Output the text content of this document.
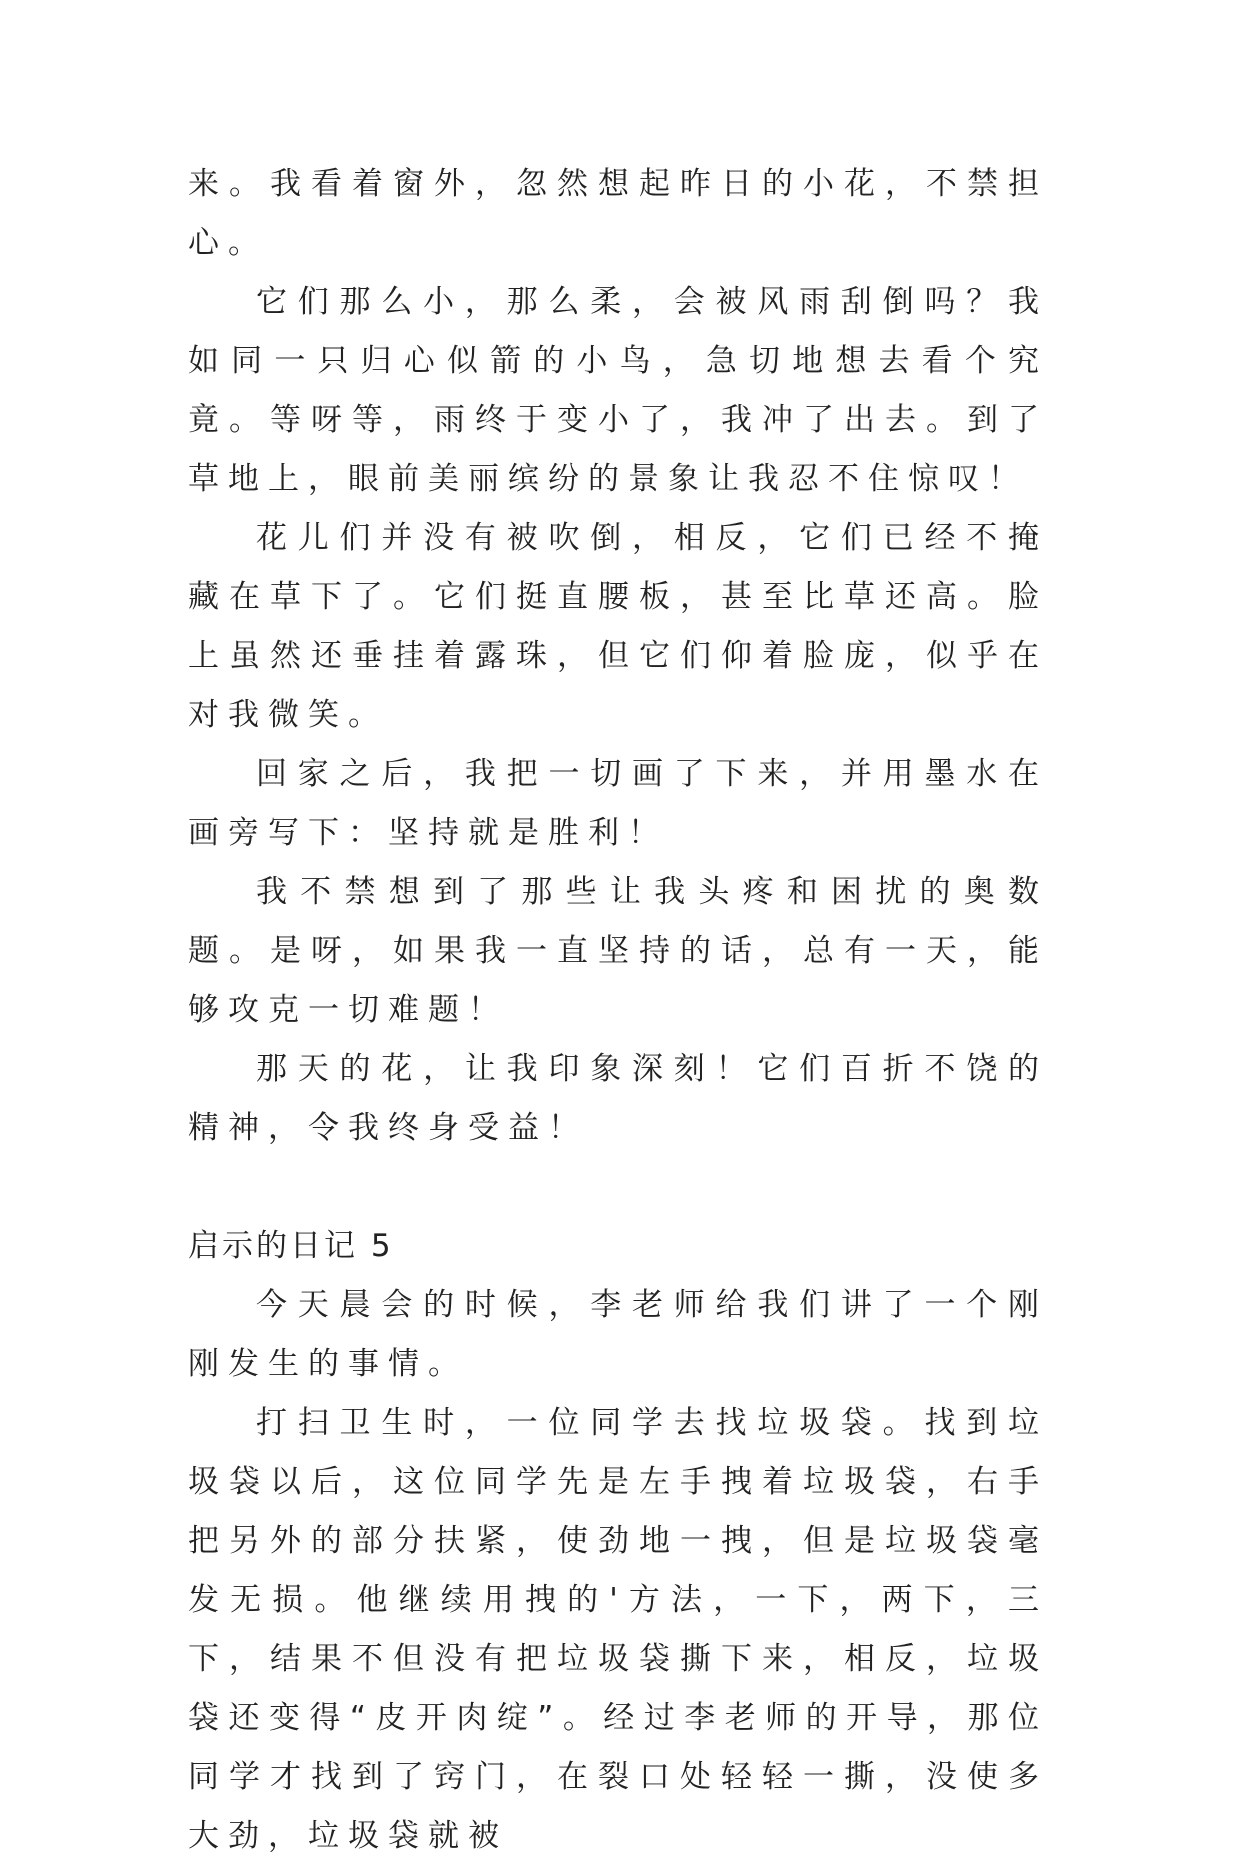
来。我看着窗外，忽然想起昨日的小花，不禁担心。

它们那么小，那么柔，会被风雨刮倒吗？我如同一只归心似箭的小鸟，急切地想去看个究竟。等呀等，雨终于变小了，我冲了出去。到了草地上，眼前美丽缤纷的景象让我忍不住惊叹！

花儿们并没有被吹倒，相反，它们已经不掩藏在草下了。它们挺直腰板，甚至比草还高。脸上虽然还垂挂着露珠，但它们仰着脸庞，似乎在对我微笑。

回家之后，我把一切画了下来，并用墨水在画旁写下：坚持就是胜利！

我不禁想到了那些让我头疼和困扰的奥数题。是呀，如果我一直坚持的话，总有一天，能够攻克一切难题！

那天的花，让我印象深刻！它们百折不饶的精神，令我终身受益！

启示的日记 5

今天晨会的时候，李老师给我们讲了一个刚刚发生的事情。

打扫卫生时，一位同学去找垃圾袋。找到垃圾袋以后，这位同学先是左手拽着垃圾袋，右手把另外的部分扶紧，使劲地一拽，但是垃圾袋毫发无损。他继续用拽的'方法，一下，两下，三下，结果不但没有把垃圾袋撕下来，相反，垃圾袋还变得“皮开肉绽”。经过李老师的开导，那位同学才找到了窍门，在裂口处轻轻一撕，没使多大劲，垃圾袋就被
